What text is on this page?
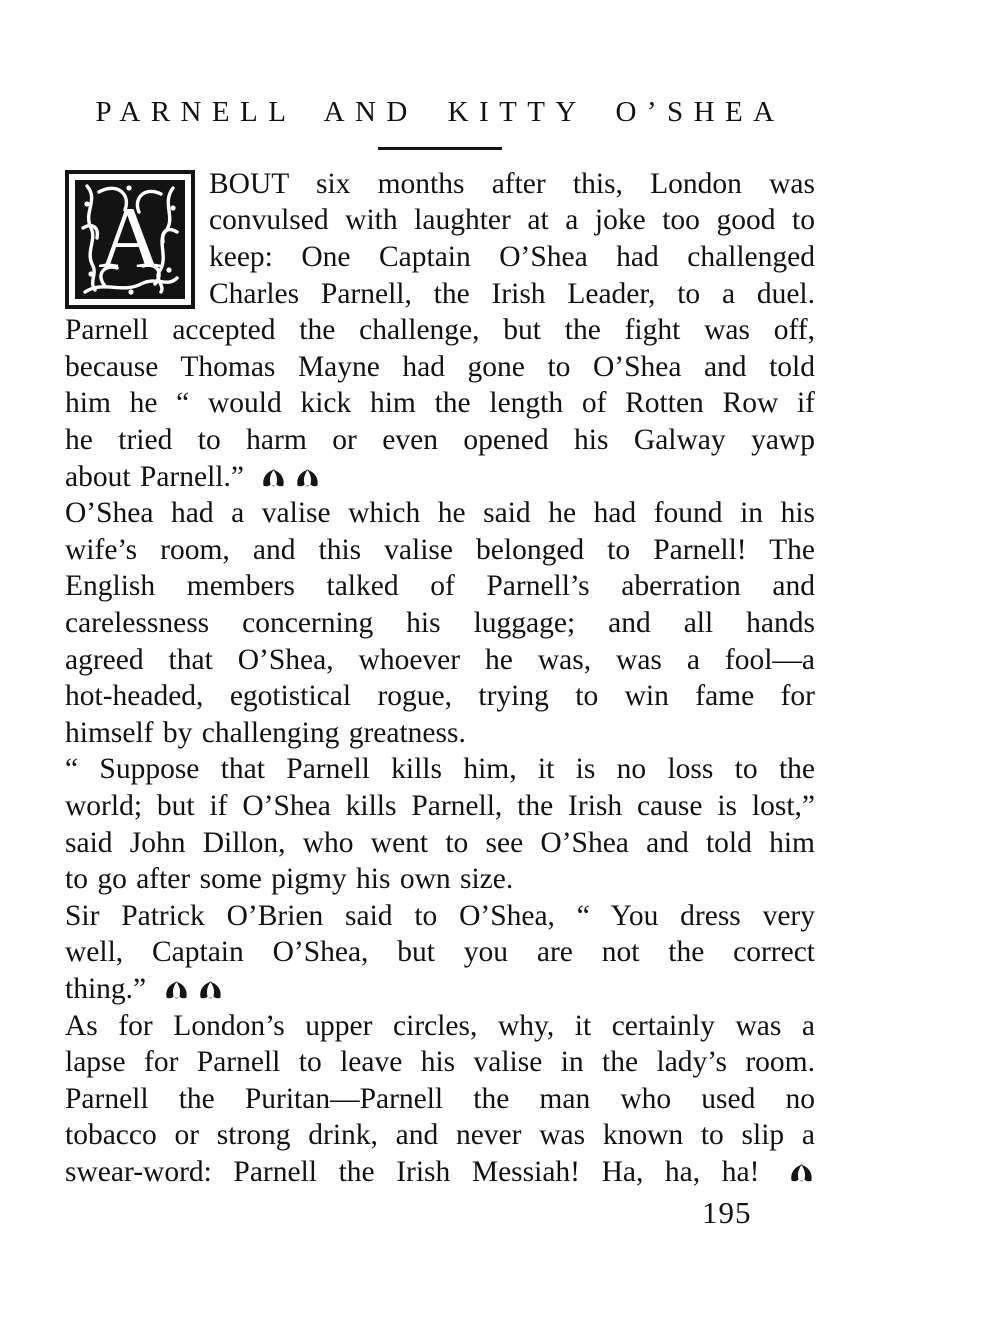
PARNELL AND KITTY O’SHEA
A
BOUT six months after this, London was
convulsed with laughter at a joke too good to
keep: One Captain O’Shea had challenged
Charles Parnell, the Irish Leader, to a duel.
Parnell accepted the challenge, but the fight was off,
because Thomas Mayne had gone to O’Shea and told
him he “ would kick him the length of Rotten Row if
he tried to harm or even opened his Galway yawp
about Parnell.”
O’Shea had a valise which he said he had found in his
wife’s room, and this valise belonged to Parnell! The
English members talked of Parnell’s aberration and
carelessness concerning his luggage; and all hands
agreed that O’Shea, whoever he was, was a fool—a
hot-headed, egotistical rogue, trying to win fame for
himself by challenging greatness.
“ Suppose that Parnell kills him, it is no loss to the
world; but if O’Shea kills Parnell, the Irish cause is lost,”
said John Dillon, who went to see O’Shea and told him
to go after some pigmy his own size.
Sir Patrick O’Brien said to O’Shea, “ You dress very
well, Captain O’Shea, but you are not the correct
thing.”
As for London’s upper circles, why, it certainly was a
lapse for Parnell to leave his valise in the lady’s room.
Parnell the Puritan—Parnell the man who used no
tobacco or strong drink, and never was known to slip a
swear-word: Parnell the Irish Messiah! Ha, ha, ha!
195
